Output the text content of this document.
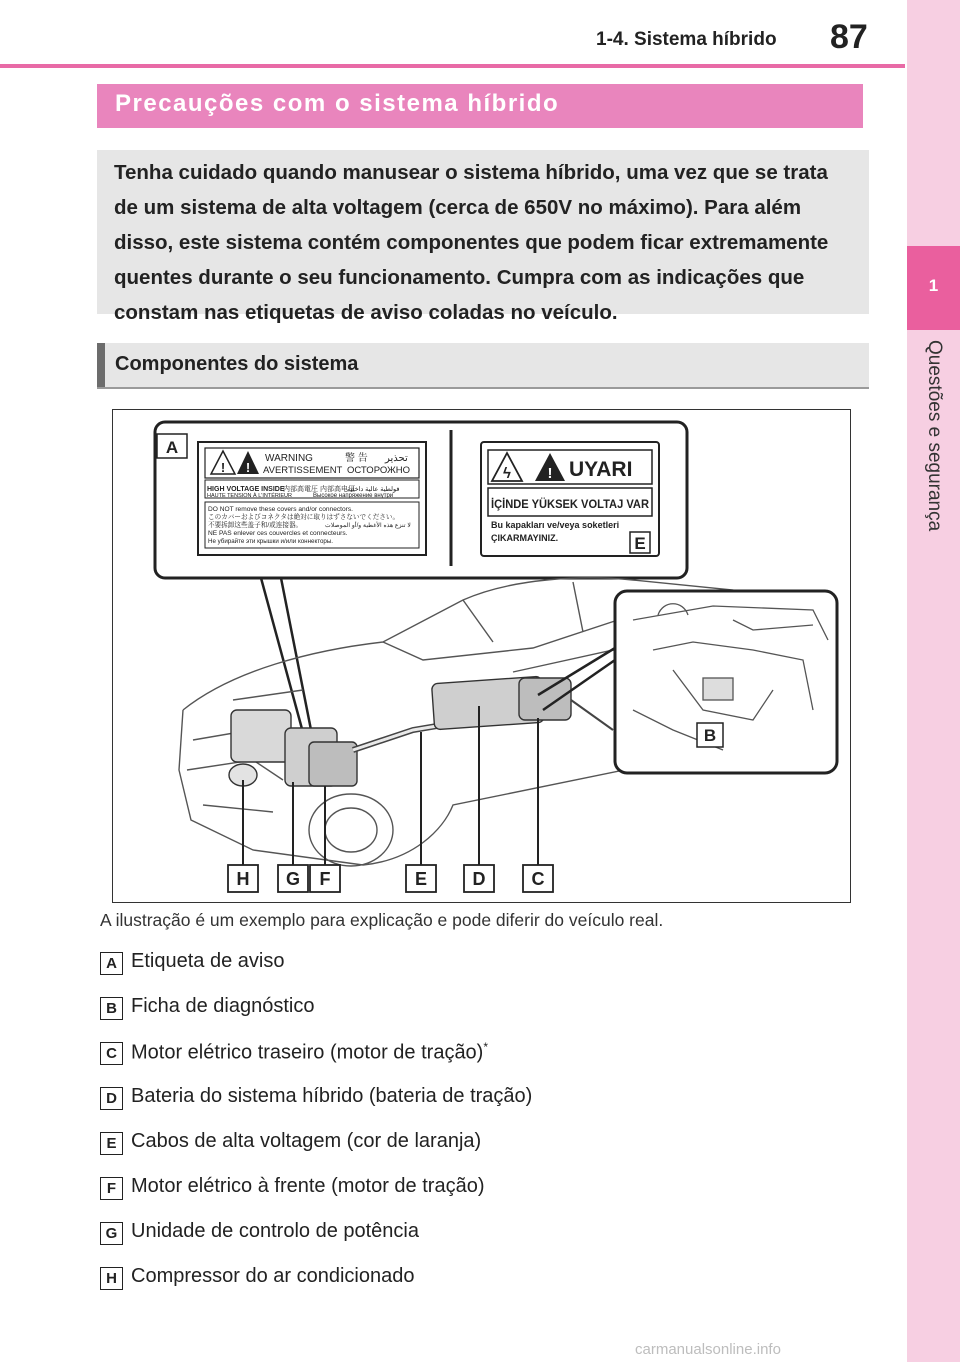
1-4. Sistema híbrido 87
1
Questões e segurança
Precauções com o sistema híbrido
Tenha cuidado quando manusear o sistema híbrido, uma vez que se trata de um sistema de alta voltagem (cerca de 650V no máximo). Para além disso, este sistema contém componentes que podem ficar extremamente quentes durante o seu funcionamento. Cumpra com as indicações que constam nas etiquetas de aviso coladas no veículo.
Componentes do sistema
A
! !
WARNING	警 告 تحذير
AVERTISSEMENT ОСТОРОЖНО
HIGH VOLTAGE INSIDE
内部高電圧 内部高电压
فولطية عالية داخلية
HAUTE TENSION À L'INTÉRIEUR	Высокое напряжение внутри
DO NOT remove these covers and/or connectors.
このカバーおよびコネクタは絶対に取りはずさないでください。
不要拆卸这些盖子和/或连接器。	لا تنزع هذه الأغطية و/أو الموصلات
NE PAS enlever ces couvercles et connecteurs.
Не убирайте эти крышки и/или коннекторы.
ϟ ! UYARI
İÇİNDE YÜKSEK VOLTAJ VAR
Bu kapakları ve/veya soketleri
ÇIKARMAYINIZ.	E
B
H G F	E	D	C
A ilustração é um exemplo para explicação e pode diferir do veículo real.
A Etiqueta de aviso
B Ficha de diagnóstico
C Motor elétrico traseiro (motor de tração)*
D Bateria do sistema híbrido (bateria de tração)
E Cabos de alta voltagem (cor de laranja)
F Motor elétrico à frente (motor de tração)
G Unidade de controlo de potência
H Compressor do ar condicionado
carmanualsonline.info
